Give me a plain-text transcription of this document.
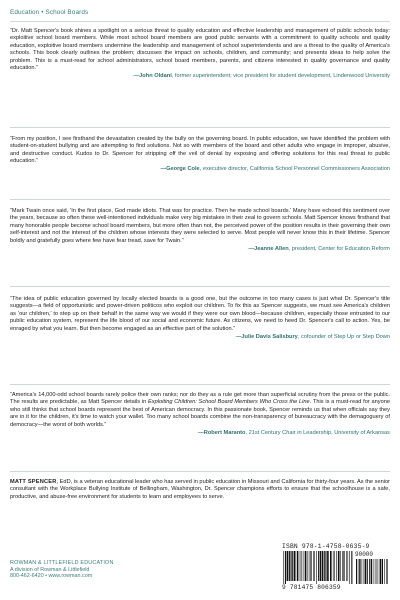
Education • School Boards

“Dr. Matt Spencer's book shines a spotlight on a serious threat to quality education and effective leadership and management of public schools today: exploitive school board members. While most school board members are good public servants with a commitment to quality schools and quality education, exploitive board members undermine the leadership and management of school superintendents and are a threat to the quality of America's schools. This book clearly outlines the problem; discusses the impact on schools, children, and community; and presents ideas to help solve the problem. This is a must-read for school administrators, school board members, parents, and citizens interested in quality governance and quality education.”

—John Oldani, former superintendent; vice president for student development, Lindenwood University

“From my position, I see firsthand the devastation created by the bully on the governing board. In public education, we have identified the problem with student-on-student bullying and are attempting to find solutions. Not so with members of the board and other adults who engage in improper, abusive, and destructive conduct. Kudos to Dr. Spencer for stripping off the veil of denial by exposing and offering solutions for this real threat to public education.”

—George Cole, executive director, California School Personnel Commissioners Association

“Mark Twain once said, ‘In the first place, God made idiots. That was for practice. Then he made school boards.’ Many have echoed this sentiment over the years, because so often these well-intentioned individuals make very big mistakes in their zeal to govern schools. Matt Spencer knows firsthand that many honorable people become school board members, but more often than not, the perceived power of the position results in their governing their own self-interest and not the interest of the children whose interests they were selected to serve. Most people will never know this in their lifetime. Spencer boldly and gratefully goes where few have fear tread, save for Twain.”

—Jeanne Allen, president, Center for Education Reform

“The idea of public education governed by locally elected boards is a good one, but the outcome in too many cases is just what Dr. Spencer's title suggests—a field of opportunistic and power-driven politicos who exploit our children. To fix this as Spencer suggests, we must see America's children as ‘our children,’ to step up on their behalf in the same way we would if they were our own blood—because children, especially those entrusted to our public education system, represent the life blood of our social and economic future. As citizens, we need to heed Dr. Spencer's call to action. Yes, be enraged by what you learn. But then become engaged as an effective part of the solution.”

—Julie Davis Salisbury, cofounder of Step Up or Step Down

“America's 14,000-odd school boards rarely police their own ranks; nor do they as a rule get more than superficial scrutiny from the press or the public. The results are predictable, as Matt Spencer details in Exploiting Children: School Board Members Who Cross the Line. This is a must-read for anyone who still thinks that school boards represent the best of American democracy. In this passionate book, Spencer reminds us that when officials say they are in it for the children, it's time to watch your wallet. Too many school boards combine the non-transparency of bureaucracy with the demagoguery of democracy—the worst of both worlds.”

—Robert Maranto, 21st Century Chair in Leadership, University of Arkansas
MATT SPENCER, EdD, is a veteran educational leader who has served in public education in Missouri and California for thirty-four years. As the senior consultant with the Workplace Bullying Institute of Bellingham, Washington, Dr. Spencer champions efforts to ensure that the schoolhouse is a safe, productive, and abuse-free environment for students to learn and employees to serve.
ROWMAN & LITTLEFIELD EDUCATION
A division of Rowman & Littlefield
800-462-6420 • www.rowman.com
ISBN 978-1-4758-0635-9
90000
9 781475 806359
